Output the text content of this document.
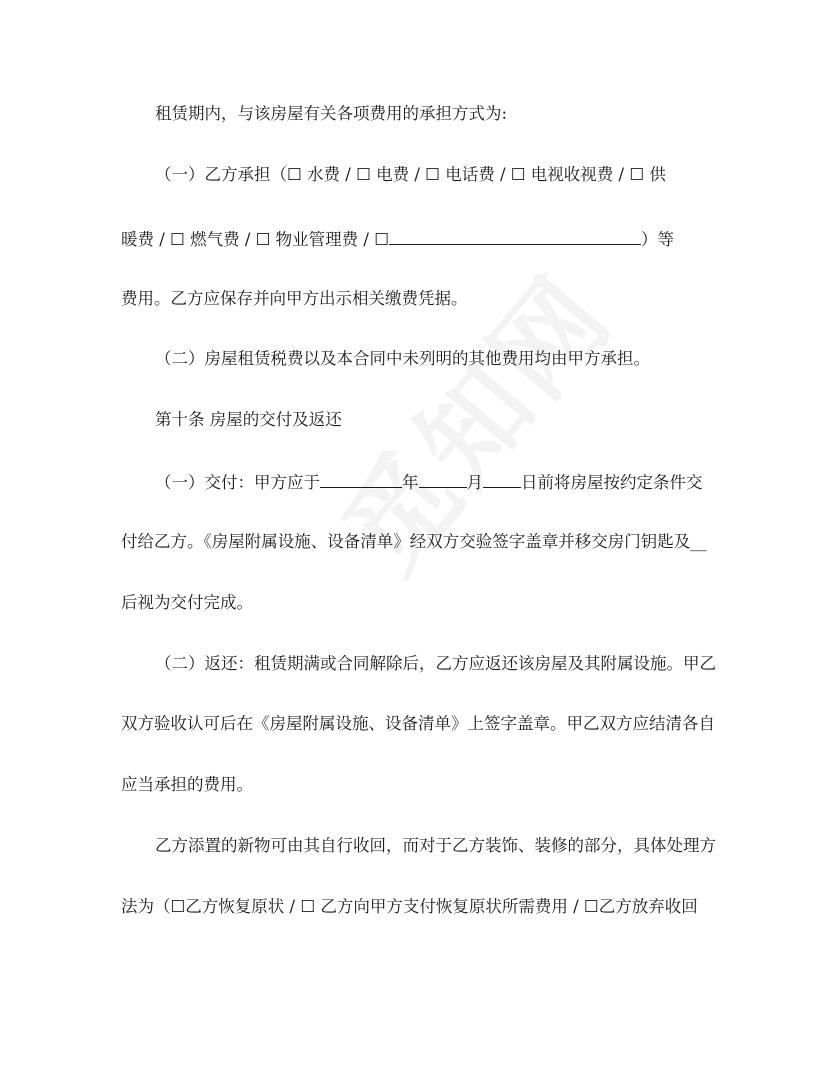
租赁期内，与该房屋有关各项费用的承担方式为:
（一）乙方承担（☐ 水费 / ☐ 电费 / ☐ 电话费 / ☐ 电视收视费 / ☐ 供
暖费 / ☐ 燃气费 / ☐ 物业管理费 / ☐	）等
费用。乙方应保存并向甲方出示相关缴费凭据。
（二）房屋租赁税费以及本合同中未列明的其他费用均由甲方承担。
第十条 房屋的交付及返还
（一）交付：甲方应于	年	月 日前将房屋按约定条件交
付给乙方。《房屋附属设施、设备清单》经双方交验签字盖章并移交房门钥匙及__
后视为交付完成。
（二）返还：租赁期满或合同解除后，乙方应返还该房屋及其附属设施。甲乙
双方验收认可后在《房屋附属设施、设备清单》上签字盖章。甲乙双方应结清各自
应当承担的费用。
乙方添置的新物可由其自行收回，而对于乙方装饰、装修的部分，具体处理方
法为（☐乙方恢复原状 / ☐ 乙方向甲方支付恢复原状所需费用 / ☐乙方放弃收回
